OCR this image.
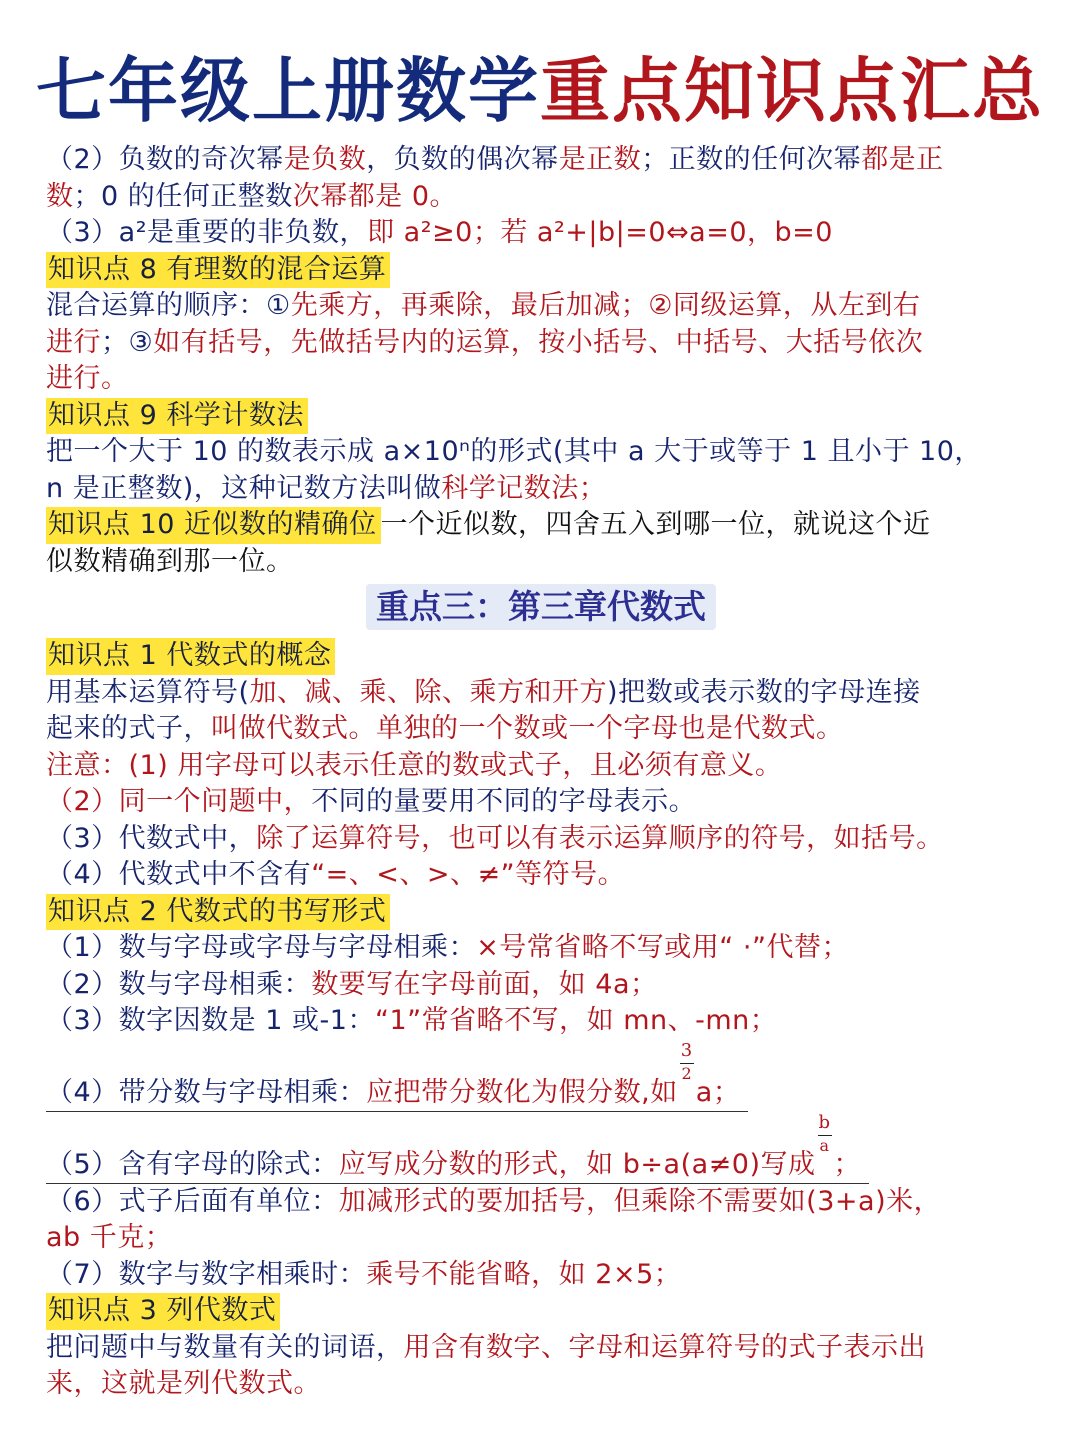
七年级上册数学重点知识点汇总
（2）负数的奇次幂是负数，负数的偶次幂是正数；正数的任何次幂都是正
数；0 的任何正整数次幂都是 0。
（3）a²是重要的非负数，即 a²≥0；若 a²+|b|=0⇔a=0，b=0
知识点 8 有理数的混合运算
混合运算的顺序：①先乘方，再乘除，最后加减；②同级运算，从左到右
进行；③如有括号，先做括号内的运算，按小括号、中括号、大括号依次
进行。
知识点 9 科学计数法
把一个大于 10 的数表示成 a×10ⁿ的形式(其中 a 大于或等于 1 且小于 10，
n 是正整数)，这种记数方法叫做科学记数法；
知识点 10 近似数的精确位 一个近似数，四舍五入到哪一位，就说这个近
似数精确到那一位。
重点三：第三章代数式
知识点 1 代数式的概念
用基本运算符号(加、减、乘、除、乘方和开方)把数或表示数的字母连接
起来的式子，叫做代数式。单独的一个数或一个字母也是代数式。
注意：(1) 用字母可以表示任意的数或式子，且必须有意义。
（2）同一个问题中，不同的量要用不同的字母表示。
（3）代数式中，除了运算符号，也可以有表示运算顺序的符号，如括号。
（4）代数式中不含有“=、<、>、≠”等符号。
知识点 2 代数式的书写形式
（1）数与字母或字母与字母相乘：×号常省略不写或用“ ·”代替；
（2）数与字母相乘：数要写在字母前面，如 4a；
（3）数字因数是 1 或-1：“1”常省略不写，如 mn、-mn；
（4）带分数与字母相乘：应把带分数化为假分数,如 $\frac{3}{2}$ a；
（5）含有字母的除式：应写成分数的形式，如 b÷a(a≠0)写成 $\frac{b}{a}$ ；
（6）式子后面有单位：加减形式的要加括号，但乘除不需要如(3+a)米，
ab 千克；
（7）数字与数字相乘时：乘号不能省略，如 2×5；
知识点 3 列代数式
把问题中与数量有关的词语，用含有数字、字母和运算符号的式子表示出
来，这就是列代数式。
